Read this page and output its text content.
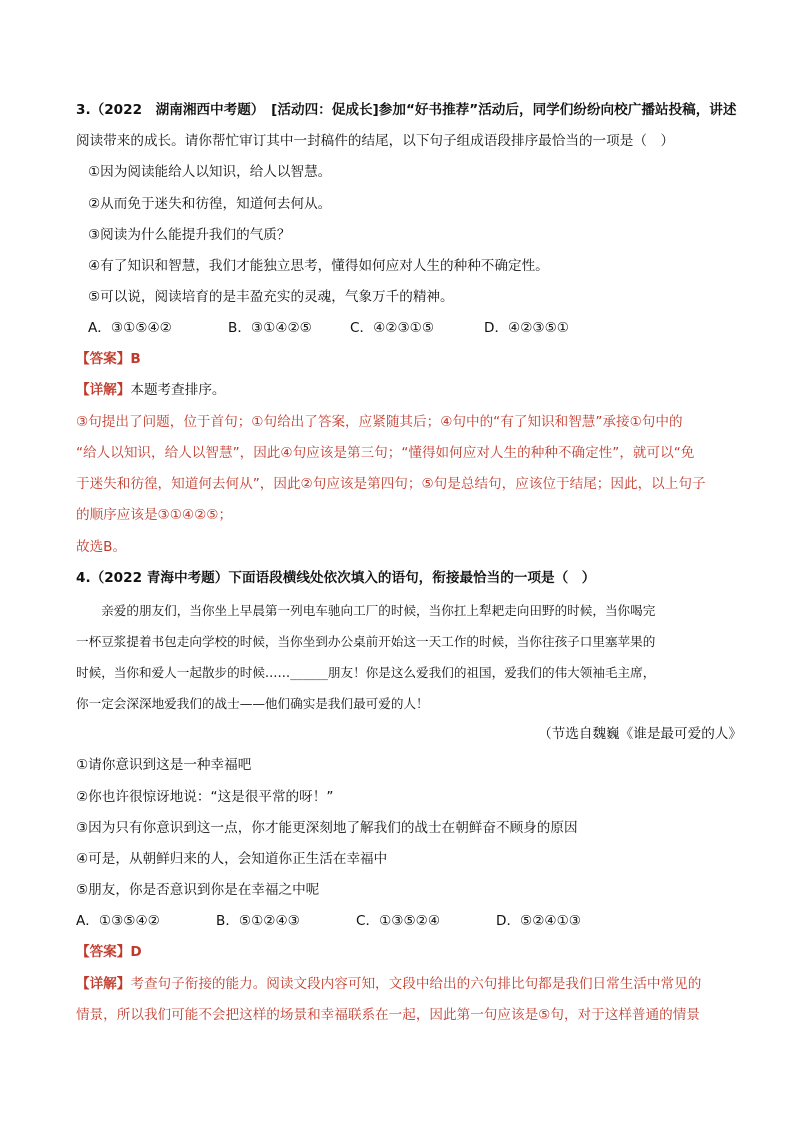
3.（2022　湖南湘西中考题）　[活动四：促成长]参加“好书推荐”活动后，同学们纷纷向校广播站投稿，讲述
阅读带来的成长。请你帮忙审订其中一封稿件的结尾，以下句子组成语段排序最恰当的一项是（　）
①因为阅读能给人以知识，给人以智慧。
②从而免于迷失和彷徨，知道何去何从。
③阅读为什么能提升我们的气质？
④有了知识和智慧，我们才能独立思考，懂得如何应对人生的种种不确定性。
⑤可以说，阅读培育的是丰盈充实的灵魂，气象万千的精神。
A．③①⑤④②	B．③①④②⑤	C．④②③①⑤	D．④②③⑤①
【答案】B
【详解】本题考查排序。
③句提出了问题，位于首句；①句给出了答案，应紧随其后；④句中的“有了知识和智慧”承接①句中的
“给人以知识，给人以智慧”，因此④句应该是第三句；“懂得如何应对人生的种种不确定性”，就可以“免
于迷失和彷徨，知道何去何从”，因此②句应该是第四句；⑤句是总结句，应该位于结尾；因此，以上句子
的顺序应该是③①④②⑤；
故选B。
4.（2022 青海中考题）下面语段横线处依次填入的语句，衔接最恰当的一项是（　）
　　亲爱的朋友们，当你坐上早晨第一列电车驰向工厂的时候，当你扛上犁耙走向田野的时候，当你喝完
一杯豆浆提着书包走向学校的时候，当你坐到办公桌前开始这一天工作的时候，当你往孩子口里塞苹果的
时候，当你和爱人一起散步的时候……______朋友！你是这么爱我们的祖国，爱我们的伟大领袖毛主席，
你一定会深深地爱我们的战士——他们确实是我们最可爱的人！
（节选自魏巍《谁是最可爱的人》
①请你意识到这是一种幸福吧
②你也许很惊讶地说：“这是很平常的呀！”
③因为只有你意识到这一点，你才能更深刻地了解我们的战士在朝鲜奋不顾身的原因
④可是，从朝鲜归来的人，会知道你正生活在幸福中
⑤朋友，你是否意识到你是在幸福之中呢
A．①③⑤④②	B．⑤①②④③	C．①③⑤②④	D．⑤②④①③
【答案】D
【详解】考查句子衔接的能力。阅读文段内容可知，文段中给出的六句排比句都是我们日常生活中常见的
情景，所以我们可能不会把这样的场景和幸福联系在一起，因此第一句应该是⑤句，对于这样普通的情景
